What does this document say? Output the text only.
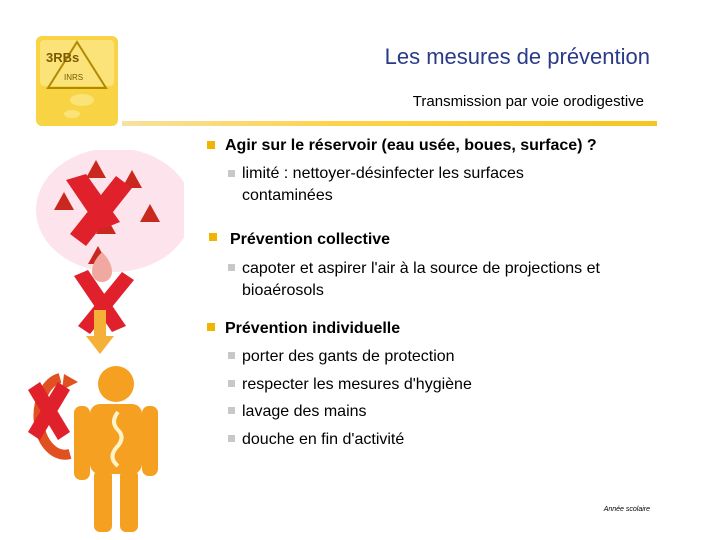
3RBs
INRS
Les mesures de prévention
Transmission par voie orodigestive
Agir sur le réservoir (eau usée, boues, surface) ?
limité : nettoyer-désinfecter les surfaces
contaminées
Prévention collective
capoter et aspirer l'air à la source de projections et
bioaérosols
Prévention individuelle
porter des gants de protection
respecter les mesures d'hygiène
lavage des mains
douche en fin d'activité
Année scolaire
